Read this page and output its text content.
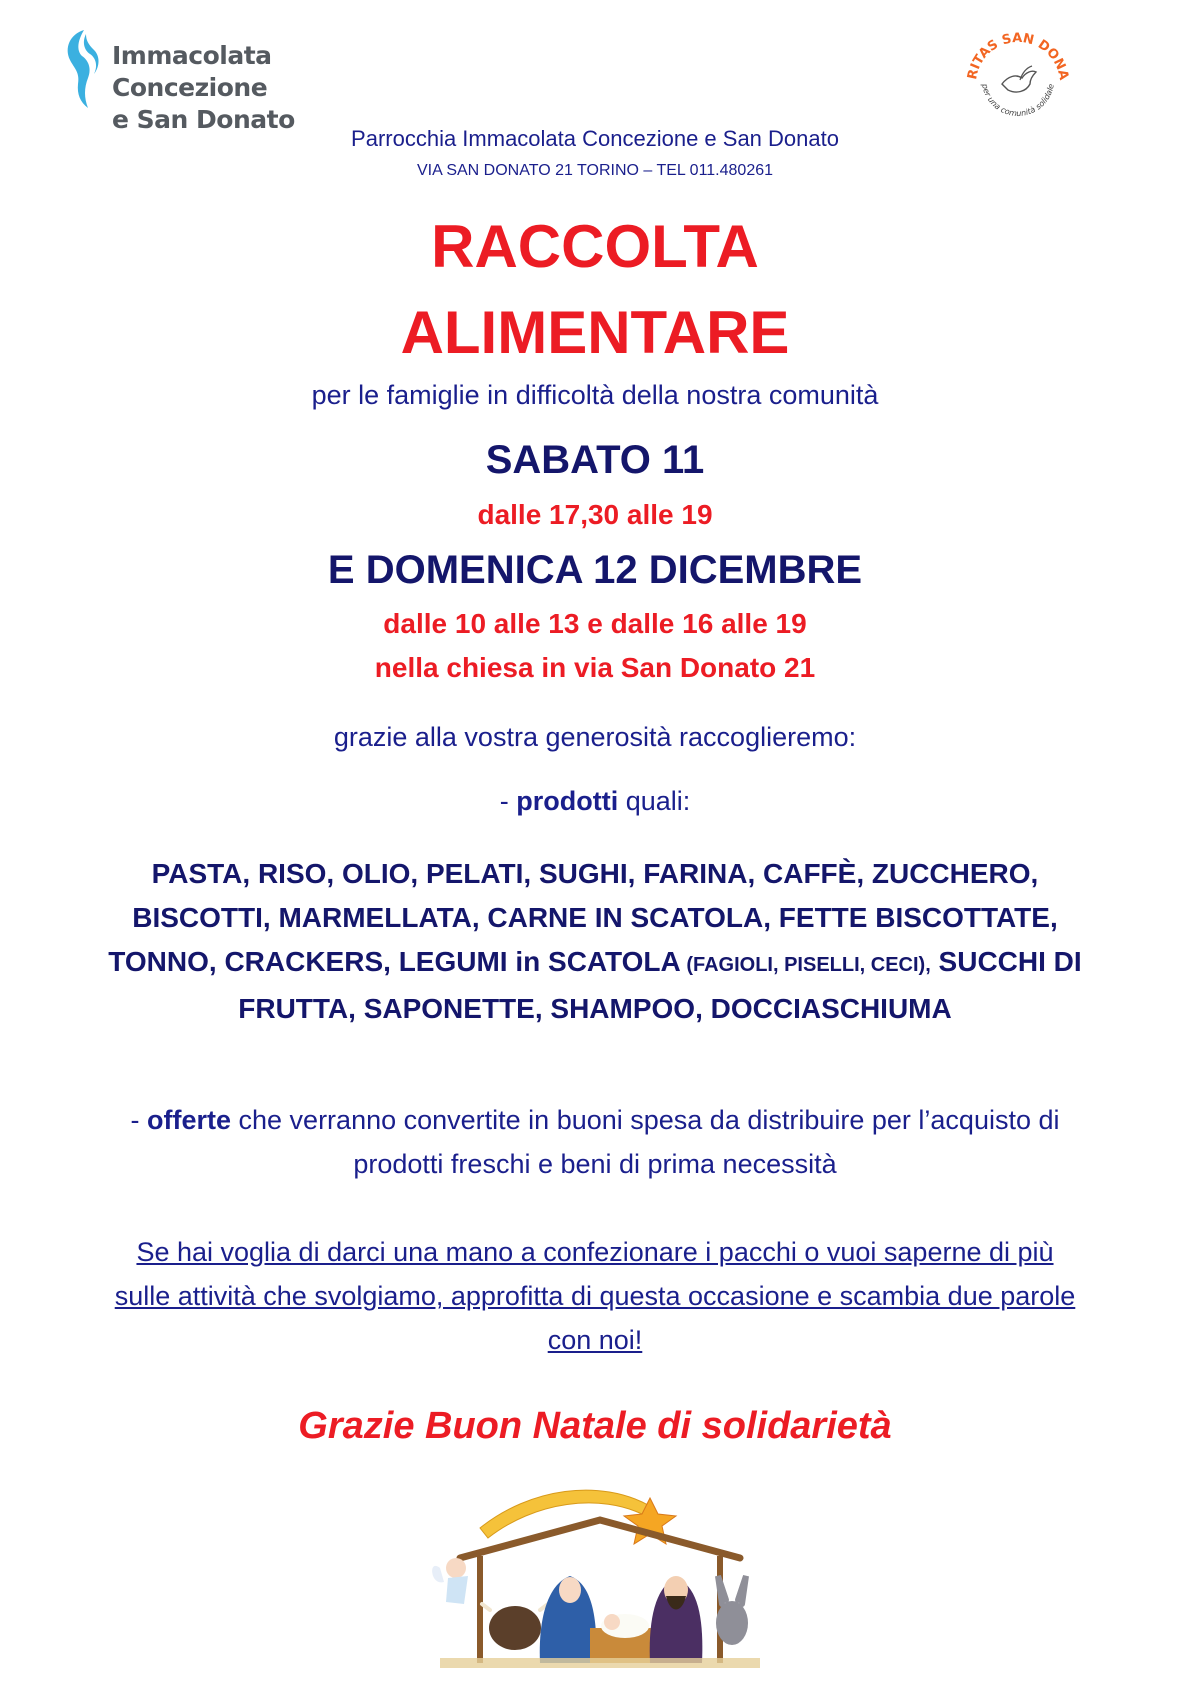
Immacolata Concezione
e San Donato
RITAS SAN DONA
per una comunità solidale
Parrocchia Immacolata Concezione e San Donato
VIA SAN DONATO 21 TORINO – TEL 011.480261
RACCOLTA
ALIMENTARE
per le famiglie in difficoltà della nostra comunità
SABATO 11
dalle 17,30 alle 19
E DOMENICA 12 DICEMBRE
dalle 10 alle 13 e dalle 16 alle 19
nella chiesa in via San Donato 21
grazie alla vostra generosità raccoglieremo:
- prodotti quali:
PASTA, RISO, OLIO, PELATI, SUGHI, FARINA, CAFFÈ, ZUCCHERO, BISCOTTI, MARMELLATA, CARNE IN SCATOLA, FETTE BISCOTTATE, TONNO, CRACKERS, LEGUMI in SCATOLA (FAGIOLI, PISELLI, CECI), SUCCHI DI FRUTTA, SAPONETTE, SHAMPOO, DOCCIASCHIUMA
- offerte che verranno convertite in buoni spesa da distribuire per l’acquisto di prodotti freschi e beni di prima necessità
Se hai voglia di darci una mano a confezionare i pacchi o vuoi saperne di più sulle attività che svolgiamo, approfitta di questa occasione e scambia due parole con noi!
Grazie Buon Natale di solidarietà
